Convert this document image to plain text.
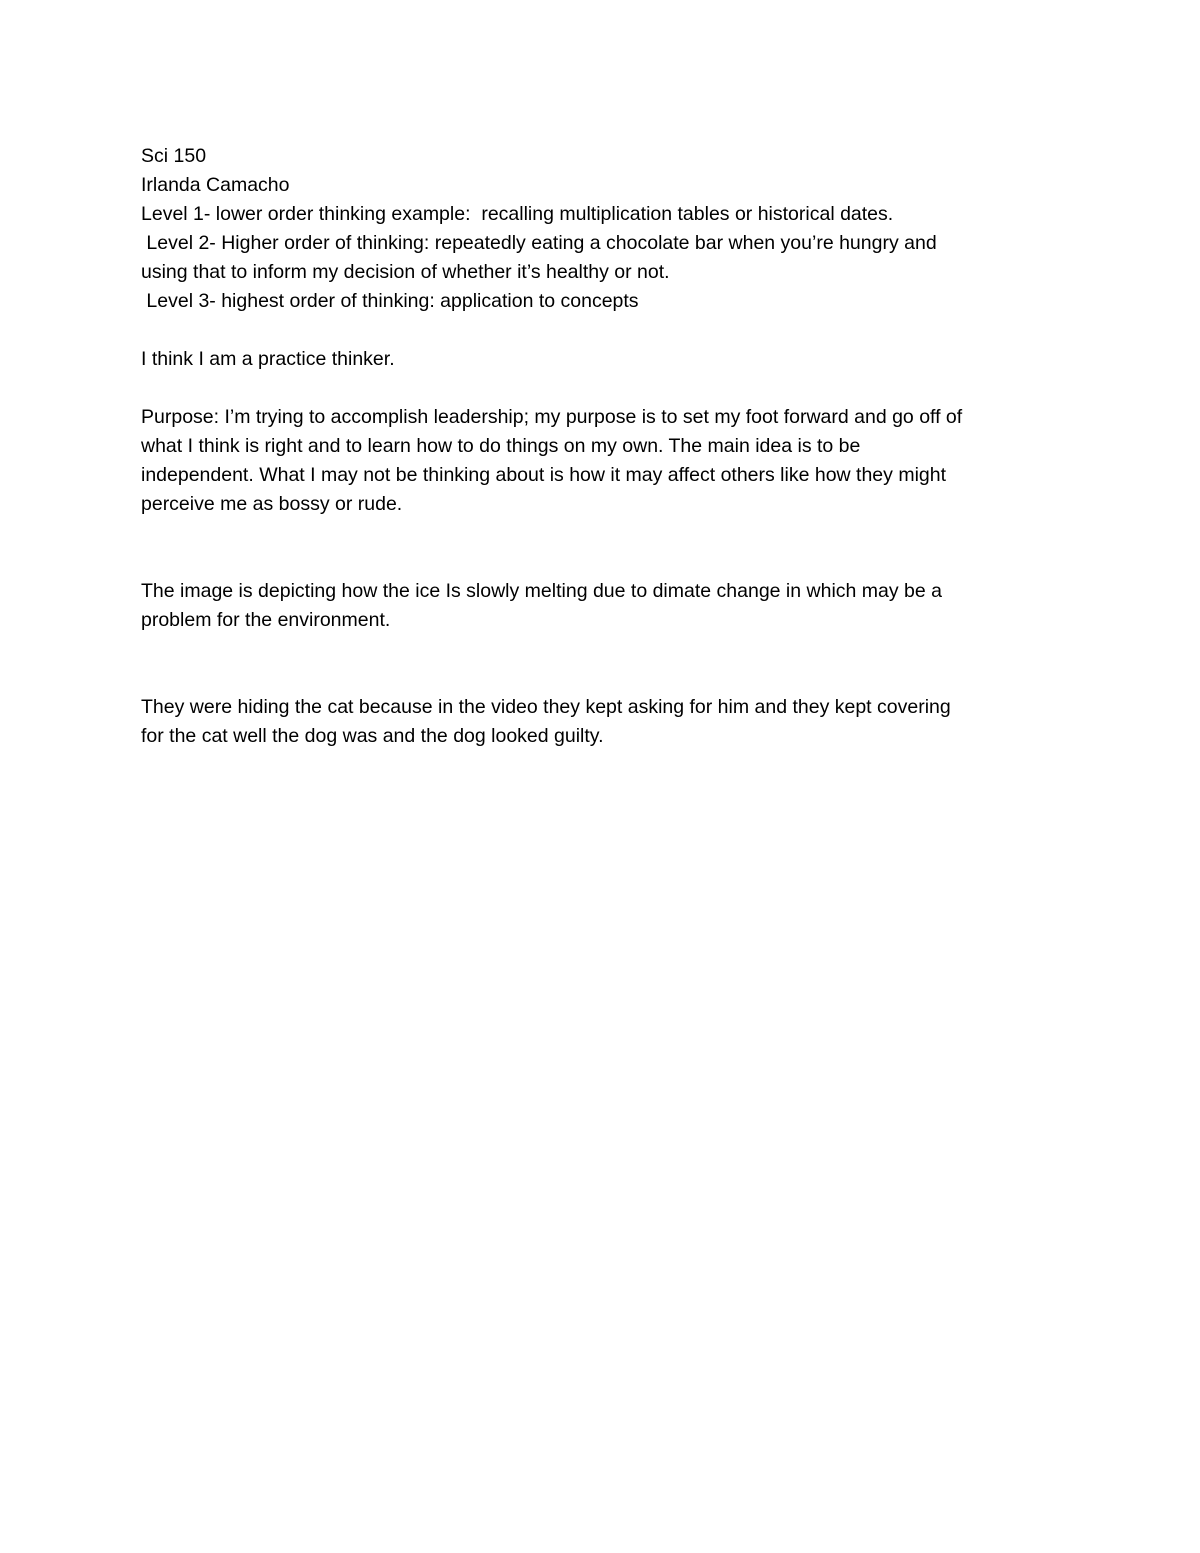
Sci 150
Irlanda Camacho
Level 1- lower order thinking example:  recalling multiplication tables or historical dates.
Level 2- Higher order of thinking: repeatedly eating a chocolate bar when you’re hungry and
using that to inform my decision of whether it’s healthy or not.
Level 3- highest order of thinking: application to concepts
I think I am a practice thinker.
Purpose: I’m trying to accomplish leadership; my purpose is to set my foot forward and go off of
what I think is right and to learn how to do things on my own. The main idea is to be
independent. What I may not be thinking about is how it may affect others like how they might
perceive me as bossy or rude.
The image is depicting how the ice Is slowly melting due to dimate change in which may be a
problem for the environment.
They were hiding the cat because in the video they kept asking for him and they kept covering
for the cat well the dog was and the dog looked guilty.
